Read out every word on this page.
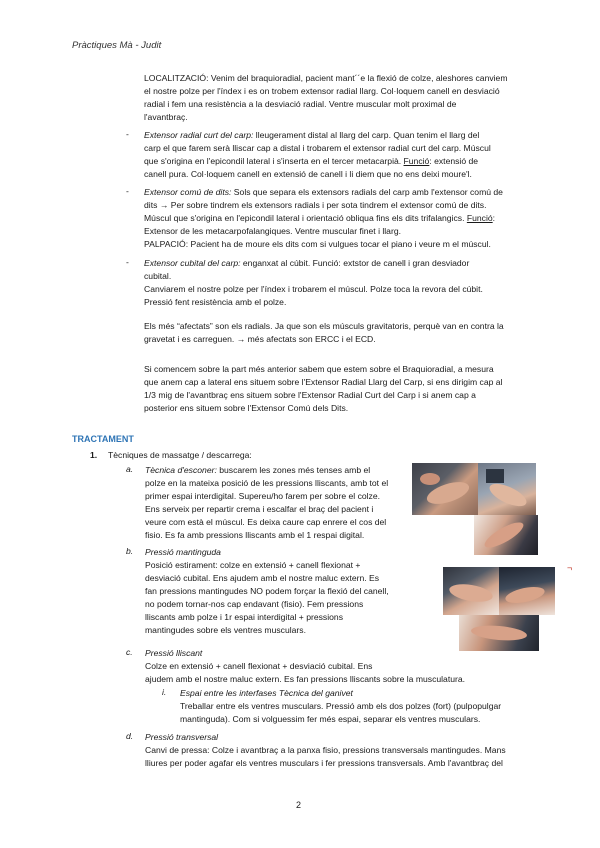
Pràctiques Mà - Judit

LOCALITZACIÓ: Venim del braquioradial, pacient mant´´e la flexió de colze, aleshores canviem

el nostre polze per l'índex i es on trobem extensor radial llarg. Col·loquem canell en desviació

radial i fem una resistència a la desviació radial. Ventre muscular molt proximal de

l'avantbraç.

- Extensor radial curt del carp: lleugerament distal al llarg del carp. Quan tenim el llarg del

carp el que farem serà lliscar cap a distal i trobarem el extensor radial curt del carp. Múscul

que s'origina en l'epicondil lateral i s'inserta en el tercer metacarpià. Funció: extensió de

canell pura. Col·loquem canell en extensió de canell i li diem que no ens deixi moure'l.

- Extensor comú de dits: Sols que separa els extensors radials del carp amb l'extensor comú de

dits → Per sobre tindrem els extensors radials i per sota tindrem el extensor comú de dits.

Múscul que s'origina en l'epicondil lateral i orientació obliqua fins els dits trifalangics. Funció:

Extensor de les metacarpofalangiques. Ventre muscular finet i llarg.

PALPACIÓ: Pacient ha de moure els dits com si vulgues tocar el piano i veure m el múscul.

- Extensor cubital del carp: enganxat al cúbit. Funció: extstor de canell i gran desviador

cubital.

Canviarem el nostre polze per l'índex i trobarem el múscul. Polze toca la revora del cúbit.

Pressió fent resistència amb el polze.

Els més “afectats” son els radials. Ja que son els músculs gravitatoris, perquè van en contra la

gravetat i es carreguen. → més afectats son ERCC i el ECD.

Si comencem sobre la part més anterior sabem que estem sobre el Braquioradial, a mesura

que anem cap a lateral ens situem sobre l'Extensor Radial Llarg del Carp, si ens dirigim cap al

1/3 mig de l'avantbraç ens situem sobre l'Extensor Radial Curt del Carp i si anem cap a

posterior ens situem sobre l'Extensor Comú dels Dits.

TRACTAMENT
1. Tècniques de massatge / descarrega:
a. Tècnica d'esconer: buscarem les zones més tenses amb el

polze en la mateixa posició de les pressions lliscants, amb tot el

primer espai interdigital. Supereu/ho farem per sobre el colze.

Ens serveix per repartir crema i escalfar el braç del pacient i

veure com està el múscul. Es deixa caure cap enrere el cos del

fisio. Es fa amb pressions lliscants amb el 1 respai digital.

b. Pressió mantinguda

Posició estirament: colze en extensió + canell flexionat +

desviació cubital. Ens ajudem amb el nostre maluc extern. Es

fan pressions mantingudes NO podem forçar la flexió del canell,

no podem tornar-nos cap endavant (fisio). Fem pressions

lliscants amb polze i 1r espai interdigital + pressions

mantingudes sobre els ventres musculars.

¬
c. Pressió lliscant

Colze en extensió + canell flexionat + desviació cubital. Ens

ajudem amb el nostre maluc extern. Es fan pressions lliscants sobre la musculatura.

i. Espai entre les interfases Tècnica del ganivet

Treballar entre els ventres musculars. Pressió amb els dos polzes (fort) (pulpopulgar

mantinguda). Com si volguessim fer més espai, separar els ventres musculars.

d. Pressió transversal

Canvi de pressa: Colze i avantbraç a la panxa fisio, pressions transversals mantingudes. Mans

lliures per poder agafar els ventres musculars i fer pressions transversals. Amb l'avantbraç del

2
